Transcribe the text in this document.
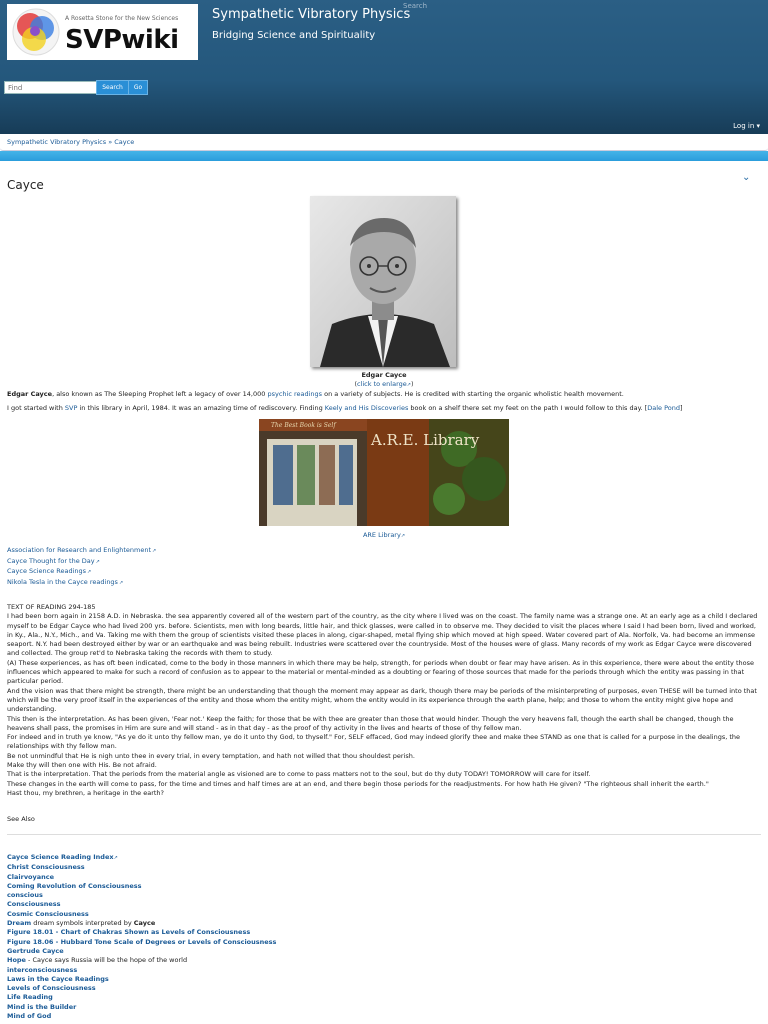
A Rosetta Stone for the New Sciences
SVPwiki
Sympathetic Vibratory Physics
Bridging Science and Spirituality
Search
Find
Search	Go
Log in ▾
Sympathetic Vibratory Physics » Cayce
Cayce
⌄
Edgar Cayce
(click to enlarge↗)
Edgar Cayce, also known as The Sleeping Prophet left a legacy of over 14,000 psychic readings on a variety of subjects. He is credited with starting the organic wholistic health movement.
I got started with SVP in this library in April, 1984. It was an amazing time of rediscovery. Finding Keely and His Discoveries book on a shelf there set my feet on the path I would follow to this day. [Dale Pond]
A.R.E. Library
The Best Book is Self
ARE Library↗
Association for Research and Enlightenment ↗
Cayce Thought for the Day ↗
Cayce Science Readings ↗
Nikola Tesla in the Cayce readings ↗
TEXT OF READING 294-185
I had been born again in 2158 A.D. in Nebraska. the sea apparently covered all of the western part of the country, as the city where I lived was on the coast. The family name was a strange one. At an early age as a child I declared myself to be Edgar Cayce who had lived 200 yrs. before. Scientists, men with long beards, little hair, and thick glasses, were called in to observe me. They decided to visit the places where I said I had been born, lived and worked, in Ky., Ala., N.Y., Mich., and Va. Taking me with them the group of scientists visited these places in along, cigar-shaped, metal flying ship which moved at high speed. Water covered part of Ala. Norfolk, Va. had become an immense seaport. N.Y. had been destroyed either by war or an earthquake and was being rebuilt. Industries were scattered over the countryside. Most of the houses were of glass. Many records of my work as Edgar Cayce were discovered and collected. The group ret'd to Nebraska taking the records with them to study.
(A) These experiences, as has oft been indicated, come to the body in those manners in which there may be help, strength, for periods when doubt or fear may have arisen. As in this experience, there were about the entity those influences which appeared to make for such a record of confusion as to appear to the material or mental-minded as a doubting or fearing of those sources that made for the periods through which the entity was passing in that particular period.
And the vision was that there might be strength, there might be an understanding that though the moment may appear as dark, though there may be periods of the misinterpreting of purposes, even THESE will be turned into that which will be the very proof itself in the experiences of the entity and those whom the entity might, whom the entity would in its experience through the earth plane, help; and those to whom the entity might give hope and understanding.
This then is the interpretation. As has been given, 'Fear not.' Keep the faith; for those that be with thee are greater than those that would hinder. Though the very heavens fall, though the earth shall be changed, though the heavens shall pass, the promises in Him are sure and will stand - as in that day - as the proof of thy activity in the lives and hearts of those of thy fellow man.
For indeed and in truth ye know, "As ye do it unto thy fellow man, ye do it unto thy God, to thyself." For, SELF effaced, God may indeed glorify thee and make thee STAND as one that is called for a purpose in the dealings, the relationships with thy fellow man.
Be not unmindful that He is nigh unto thee in every trial, in every temptation, and hath not willed that thou shouldest perish.
Make thy will then one with His. Be not afraid.
That is the interpretation. That the periods from the material angle as visioned are to come to pass matters not to the soul, but do thy duty TODAY! TOMORROW will care for itself.
These changes in the earth will come to pass, for the time and times and half times are at an end, and there begin those periods for the readjustments. For how hath He given? "The righteous shall inherit the earth."
Hast thou, my brethren, a heritage in the earth?
See Also
Cayce Science Reading Index↗
Christ Consciousness
Clairvoyance
Coming Revolution of Consciousness
conscious
Consciousness
Cosmic Consciousness
Dream dream symbols interpreted by Cayce
Figure 18.01 - Chart of Chakras Shown as Levels of Consciousness
Figure 18.06 - Hubbard Tone Scale of Degrees or Levels of Consciousness
Gertrude Cayce
Hope - Cayce says Russia will be the hope of the world
interconsciousness
Laws in the Cayce Readings
Levels of Consciousness
Life Reading
Mind is the Builder
Mind of God
